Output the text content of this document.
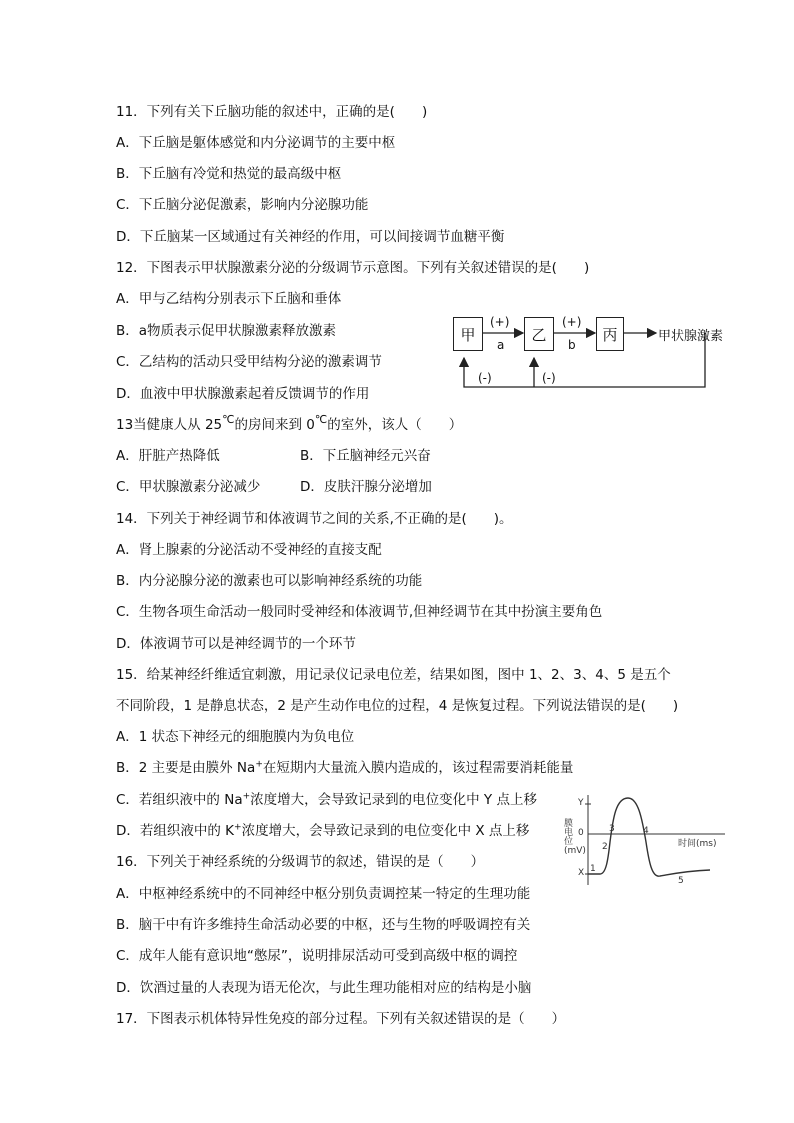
11．下列有关下丘脑功能的叙述中，正确的是(　　)
A．下丘脑是躯体感觉和内分泌调节的主要中枢
B．下丘脑有冷觉和热觉的最高级中枢
C．下丘脑分泌促激素，影响内分泌腺功能
D．下丘脑某一区域通过有关神经的作用，可以间接调节血糖平衡
12．下图表示甲状腺激素分泌的分级调节示意图。下列有关叙述错误的是(　　)
A．甲与乙结构分别表示下丘脑和垂体
B．a物质表示促甲状腺激素释放激素
C．乙结构的活动只受甲结构分泌的激素调节
D．血液中甲状腺激素起着反馈调节的作用
甲	乙	丙	甲状腺激素
(+)	(+)
a	b
(-)	(-)
13当健康人从 25℃的房间来到 0℃的室外，该人（　　）
A．肝脏产热降低	B．下丘脑神经元兴奋
C．甲状腺激素分泌减少	D．皮肤汗腺分泌增加
14．下列关于神经调节和体液调节之间的关系,不正确的是(　　)。
A．肾上腺素的分泌活动不受神经的直接支配
B．内分泌腺分泌的激素也可以影响神经系统的功能
C．生物各项生命活动一般同时受神经和体液调节,但神经调节在其中扮演主要角色
D．体液调节可以是神经调节的一个环节
15．给某神经纤维适宜刺激，用记录仪记录电位差，结果如图，图中 1、2、3、4、5 是五个
不同阶段，1 是静息状态，2 是产生动作电位的过程，4 是恢复过程。下列说法错误的是(　　)
A．1 状态下神经元的细胞膜内为负电位
B．2 主要是由膜外 Na+在短期内大量流入膜内造成的，该过程需要消耗能量
C．若组织液中的 Na+浓度增大，会导致记录到的电位变化中 Y 点上移
D．若组织液中的 K+浓度增大，会导致记录到的电位变化中 X 点上移	膜电位(mV)
时间(ms)
Y
X
0
1
2
3	4
5
16．下列关于神经系统的分级调节的叙述，错误的是（　　）
A．中枢神经系统中的不同神经中枢分别负责调控某一特定的生理功能
B．脑干中有许多维持生命活动必要的中枢，还与生物的呼吸调控有关
C．成年人能有意识地“憋尿”，说明排尿活动可受到高级中枢的调控
D．饮酒过量的人表现为语无伦次，与此生理功能相对应的结构是小脑
17．下图表示机体特异性免疫的部分过程。下列有关叙述错误的是（　　）
